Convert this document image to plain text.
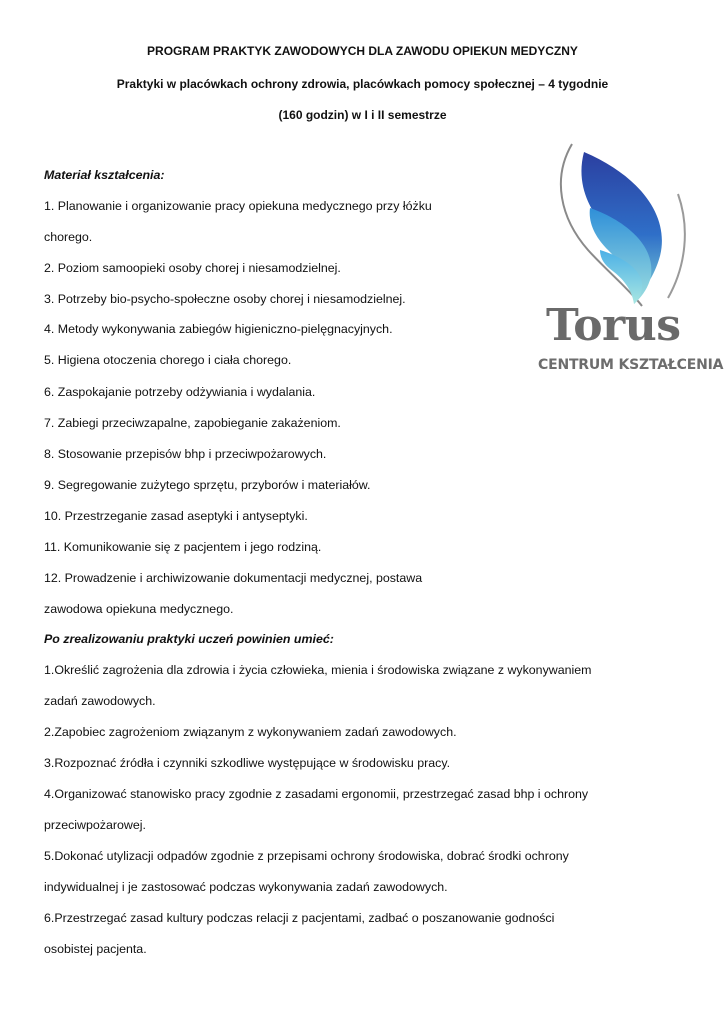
PROGRAM PRAKTYK ZAWODOWYCH DLA ZAWODU OPIEKUN MEDYCZNY
Praktyki w placówkach ochrony zdrowia, placówkach pomocy społecznej – 4 tygodnie
(160 godzin) w I i II semestrze
Torus
CENTRUM KSZTAŁCENIA
Materiał kształcenia:
1. Planowanie i organizowanie pracy opiekuna medycznego przy łóżku
chorego.
2. Poziom samoopieki osoby chorej i niesamodzielnej.
3. Potrzeby bio-psycho-społeczne osoby chorej i niesamodzielnej.
4. Metody wykonywania zabiegów higieniczno-pielęgnacyjnych.
5. Higiena otoczenia chorego i ciała chorego.
6. Zaspokajanie potrzeby odżywiania i wydalania.
7. Zabiegi przeciwzapalne, zapobieganie zakażeniom.
8. Stosowanie przepisów bhp i przeciwpożarowych.
9. Segregowanie zużytego sprzętu, przyborów i materiałów.
10. Przestrzeganie zasad aseptyki i antyseptyki.
11. Komunikowanie się z pacjentem i jego rodziną.
12. Prowadzenie i archiwizowanie dokumentacji medycznej, postawa
zawodowa opiekuna medycznego.
Po zrealizowaniu praktyki uczeń powinien umieć:
1.Określić zagrożenia dla zdrowia i życia człowieka, mienia i środowiska związane z wykonywaniem
zadań zawodowych.
2.Zapobiec zagrożeniom związanym z wykonywaniem zadań zawodowych.
3.Rozpoznać źródła i czynniki szkodliwe występujące w środowisku pracy.
4.Organizować stanowisko pracy zgodnie z zasadami ergonomii, przestrzegać zasad bhp i ochrony
przeciwpożarowej.
5.Dokonać utylizacji odpadów zgodnie z przepisami ochrony środowiska, dobrać środki ochrony
indywidualnej i je zastosować podczas wykonywania zadań zawodowych.
6.Przestrzegać zasad kultury podczas relacji z pacjentami, zadbać o poszanowanie godności
osobistej pacjenta.
